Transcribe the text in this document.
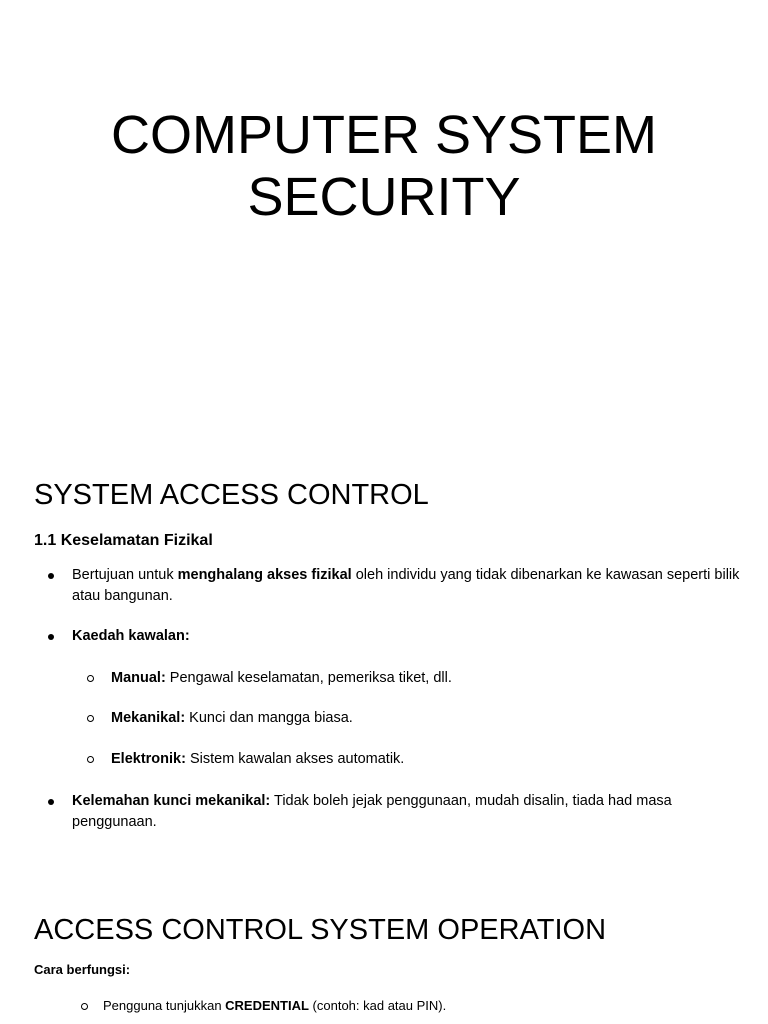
COMPUTER SYSTEM
SECURITY
SYSTEM ACCESS CONTROL
1.1 Keselamatan Fizikal
Bertujuan untuk menghalang akses fizikal oleh individu yang tidak dibenarkan ke kawasan seperti bilik atau bangunan.
Kaedah kawalan:
Manual: Pengawal keselamatan, pemeriksa tiket, dll.
Mekanikal: Kunci dan mangga biasa.
Elektronik: Sistem kawalan akses automatik.
Kelemahan kunci mekanikal: Tidak boleh jejak penggunaan, mudah disalin, tiada had masa penggunaan.
ACCESS CONTROL SYSTEM OPERATION
Cara berfungsi:
Pengguna tunjukkan CREDENTIAL (contoh: kad atau PIN).
